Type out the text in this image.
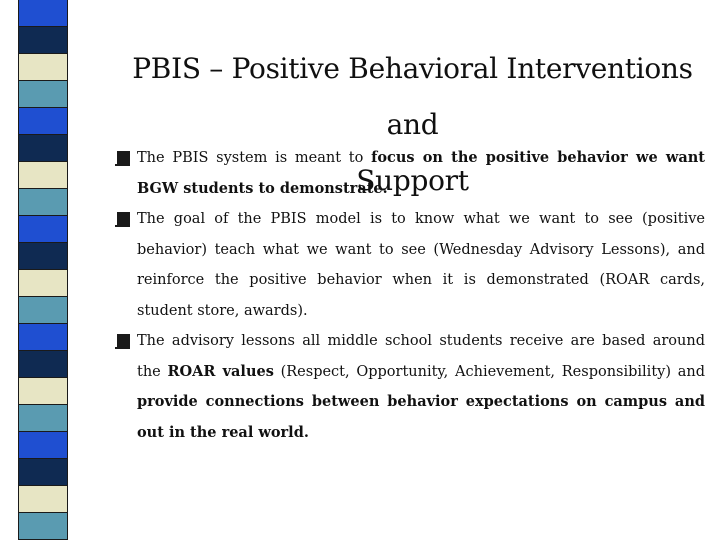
PBIS – Positive Behavioral Interventions and
Support
The PBIS system is meant to focus on the positive behavior we want BGW students to demonstrate.
The goal of the PBIS model is to know what we want to see (positive behavior) teach what we want to see (Wednesday Advisory Lessons), and reinforce the positive behavior when it is demonstrated (ROAR cards, student store, awards).
The advisory lessons all middle school students receive are based around the ROAR values (Respect, Opportunity, Achievement, Responsibility) and provide connections between behavior expectations on campus and out in the real world.
